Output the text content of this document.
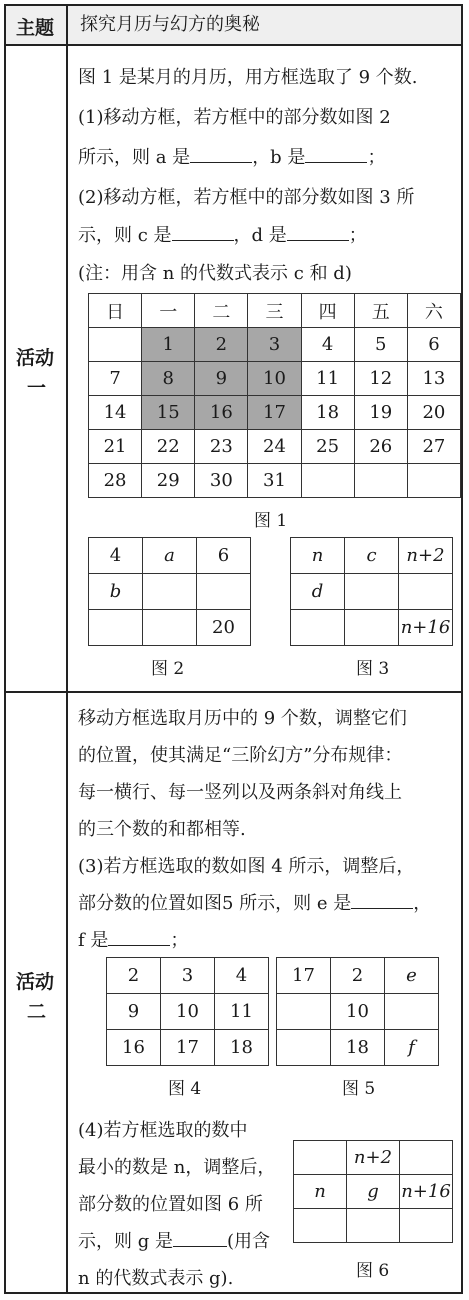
主题 探究月历与幻方的奥秘
活动
一
图 1 是某月的月历，用方框选取了 9 个数.
(1)移动方框，若方框中的部分数如图 2
所示，则 a 是	，b 是	；
(2)移动方框，若方框中的部分数如图 3 所
示，则 c 是	，d 是	；
(注：用含 n 的代数式表示 c 和 d)
日	一	二	三	四	五	六
	1	2	3	4	5	6
7	8	9	10	11	12	13
14	15	16	17	18	19	20
21	22	23	24	25	26	27
28	29	30	31			
图 1
4	a	6
b		
		20
图 2
n	c	n+2
d		
		n+16
图 3
活动
二
移动方框选取月历中的 9 个数，调整它们
的位置，使其满足“三阶幻方”分布规律：
每一横行、每一竖列以及两条斜对角线上
的三个数的和都相等.
(3)若方框选取的数如图 4 所示，调整后，
部分数的位置如图5 所示，则 e 是	，
f 是	；
2	3	4
9	10	11
16	17	18
图 4
17	2	e
	10	
	18	f
图 5
(4)若方框选取的数中
最小的数是 n，调整后，
部分数的位置如图 6 所
示，则 g 是	(用含
n 的代数式表示 g).
	n+2	
n	g	n+16

图 6
